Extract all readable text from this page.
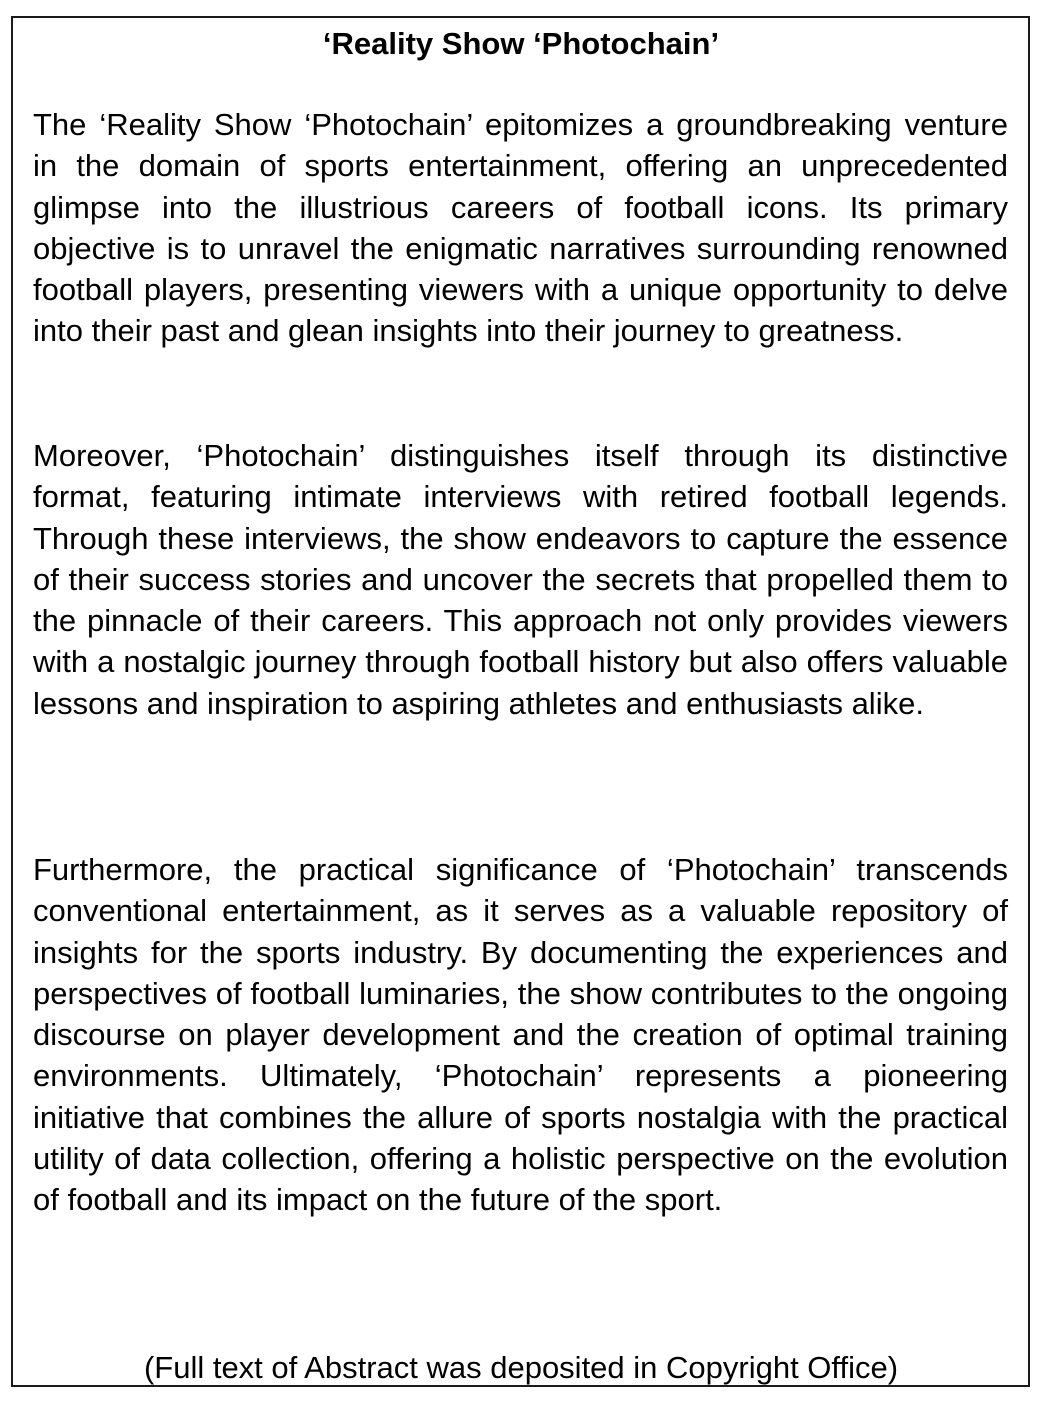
‘Reality Show ‘Photochain’

The ‘Reality Show ‘Photochain’ epitomizes a groundbreaking venture in the domain of sports entertainment, offering an unprecedented glimpse into the illustrious careers of football icons. Its primary objective is to unravel the enigmatic narratives surrounding renowned football players, presenting viewers with a unique opportunity to delve into their past and glean insights into their journey to greatness.

Moreover, ‘Photochain’ distinguishes itself through its distinctive format, featuring intimate interviews with retired football legends. Through these interviews, the show endeavors to capture the essence of their success stories and uncover the secrets that propelled them to the pinnacle of their careers. This approach not only provides viewers with a nostalgic journey through football history but also offers valuable lessons and inspiration to aspiring athletes and enthusiasts alike.

Furthermore, the practical significance of ‘Photochain’ transcends conventional entertainment, as it serves as a valuable repository of insights for the sports industry. By documenting the experiences and perspectives of football luminaries, the show contributes to the ongoing discourse on player development and the creation of optimal training environments. Ultimately, ‘Photochain’ represents a pioneering initiative that combines the allure of sports nostalgia with the practical utility of data collection, offering a holistic perspective on the evolution of football and its impact on the future of the sport.

(Full text of Abstract was deposited in Copyright Office)
